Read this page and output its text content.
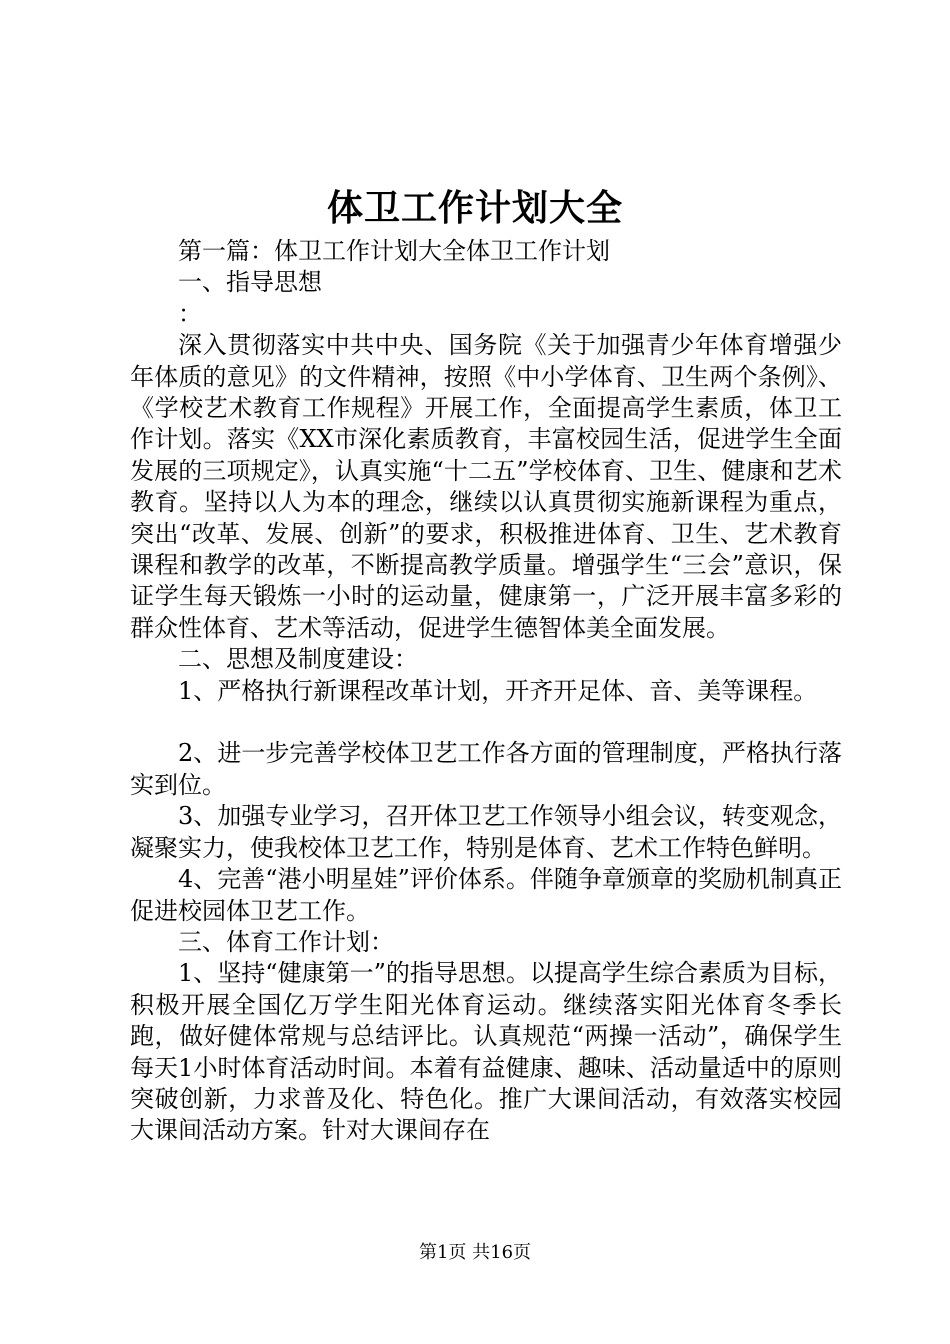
体卫工作计划大全

第一篇：体卫工作计划大全体卫工作计划

一、指导思想

：

深入贯彻落实中共中央、国务院《关于加强青少年体育增强少年体质的意见》的文件精神，按照《中小学体育、卫生两个条例》、《学校艺术教育工作规程》开展工作，全面提高学生素质，体卫工作计划。落实《XX市深化素质教育，丰富校园生活，促进学生全面发展的三项规定》，认真实施“十二五”学校体育、卫生、健康和艺术教育。坚持以人为本的理念，继续以认真贯彻实施新课程为重点，突出“改革、发展、创新”的要求，积极推进体育、卫生、艺术教育课程和教学的改革，不断提高教学质量。增强学生“三会”意识，保证学生每天锻炼一小时的运动量，健康第一，广泛开展丰富多彩的群众性体育、艺术等活动，促进学生德智体美全面发展。

二、思想及制度建设：

1、严格执行新课程改革计划，开齐开足体、音、美等课程。

2、进一步完善学校体卫艺工作各方面的管理制度，严格执行落实到位。

3、加强专业学习，召开体卫艺工作领导小组会议，转变观念，凝聚实力，使我校体卫艺工作，特别是体育、艺术工作特色鲜明。

4、完善“港小明星娃”评价体系。伴随争章颁章的奖励机制真正促进校园体卫艺工作。

三、体育工作计划：

1、坚持“健康第一”的指导思想。以提高学生综合素质为目标，积极开展全国亿万学生阳光体育运动。继续落实阳光体育冬季长跑，做好健体常规与总结评比。认真规范“两操一活动”，确保学生每天1小时体育活动时间。本着有益健康、趣味、活动量适中的原则突破创新，力求普及化、特色化。推广大课间活动，有效落实校园大课间活动方案。针对大课间存在

第1页 共16页
